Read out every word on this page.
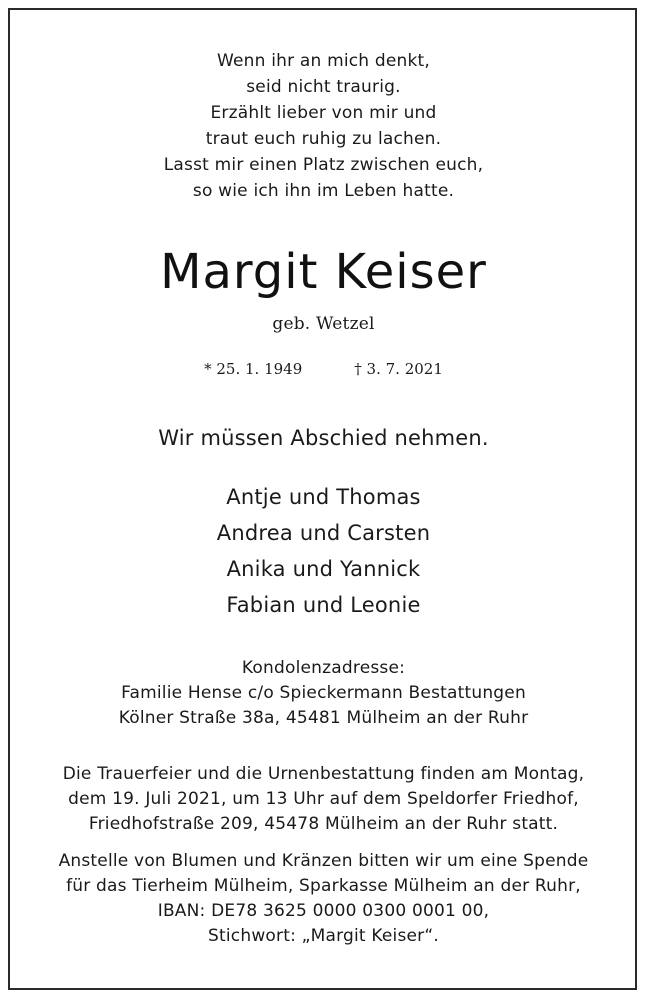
Wenn ihr an mich denkt,
seid nicht traurig.
Erzählt lieber von mir und
traut euch ruhig zu lachen.
Lasst mir einen Platz zwischen euch,
so wie ich ihn im Leben hatte.
Margit Keiser
geb. Wetzel
* 25. 1. 1949	† 3. 7. 2021
Wir müssen Abschied nehmen.
Antje und Thomas
Andrea und Carsten
Anika und Yannick
Fabian und Leonie
Kondolenzadresse:
Familie Hense c/o Spieckermann Bestattungen
Kölner Straße 38a, 45481 Mülheim an der Ruhr
Die Trauerfeier und die Urnenbestattung finden am Montag,
dem 19. Juli 2021, um 13 Uhr auf dem Speldorfer Friedhof,
Friedhofstraße 209, 45478 Mülheim an der Ruhr statt.
Anstelle von Blumen und Kränzen bitten wir um eine Spende
für das Tierheim Mülheim, Sparkasse Mülheim an der Ruhr,
IBAN: DE78 3625 0000 0300 0001 00,
Stichwort: „Margit Keiser“.
